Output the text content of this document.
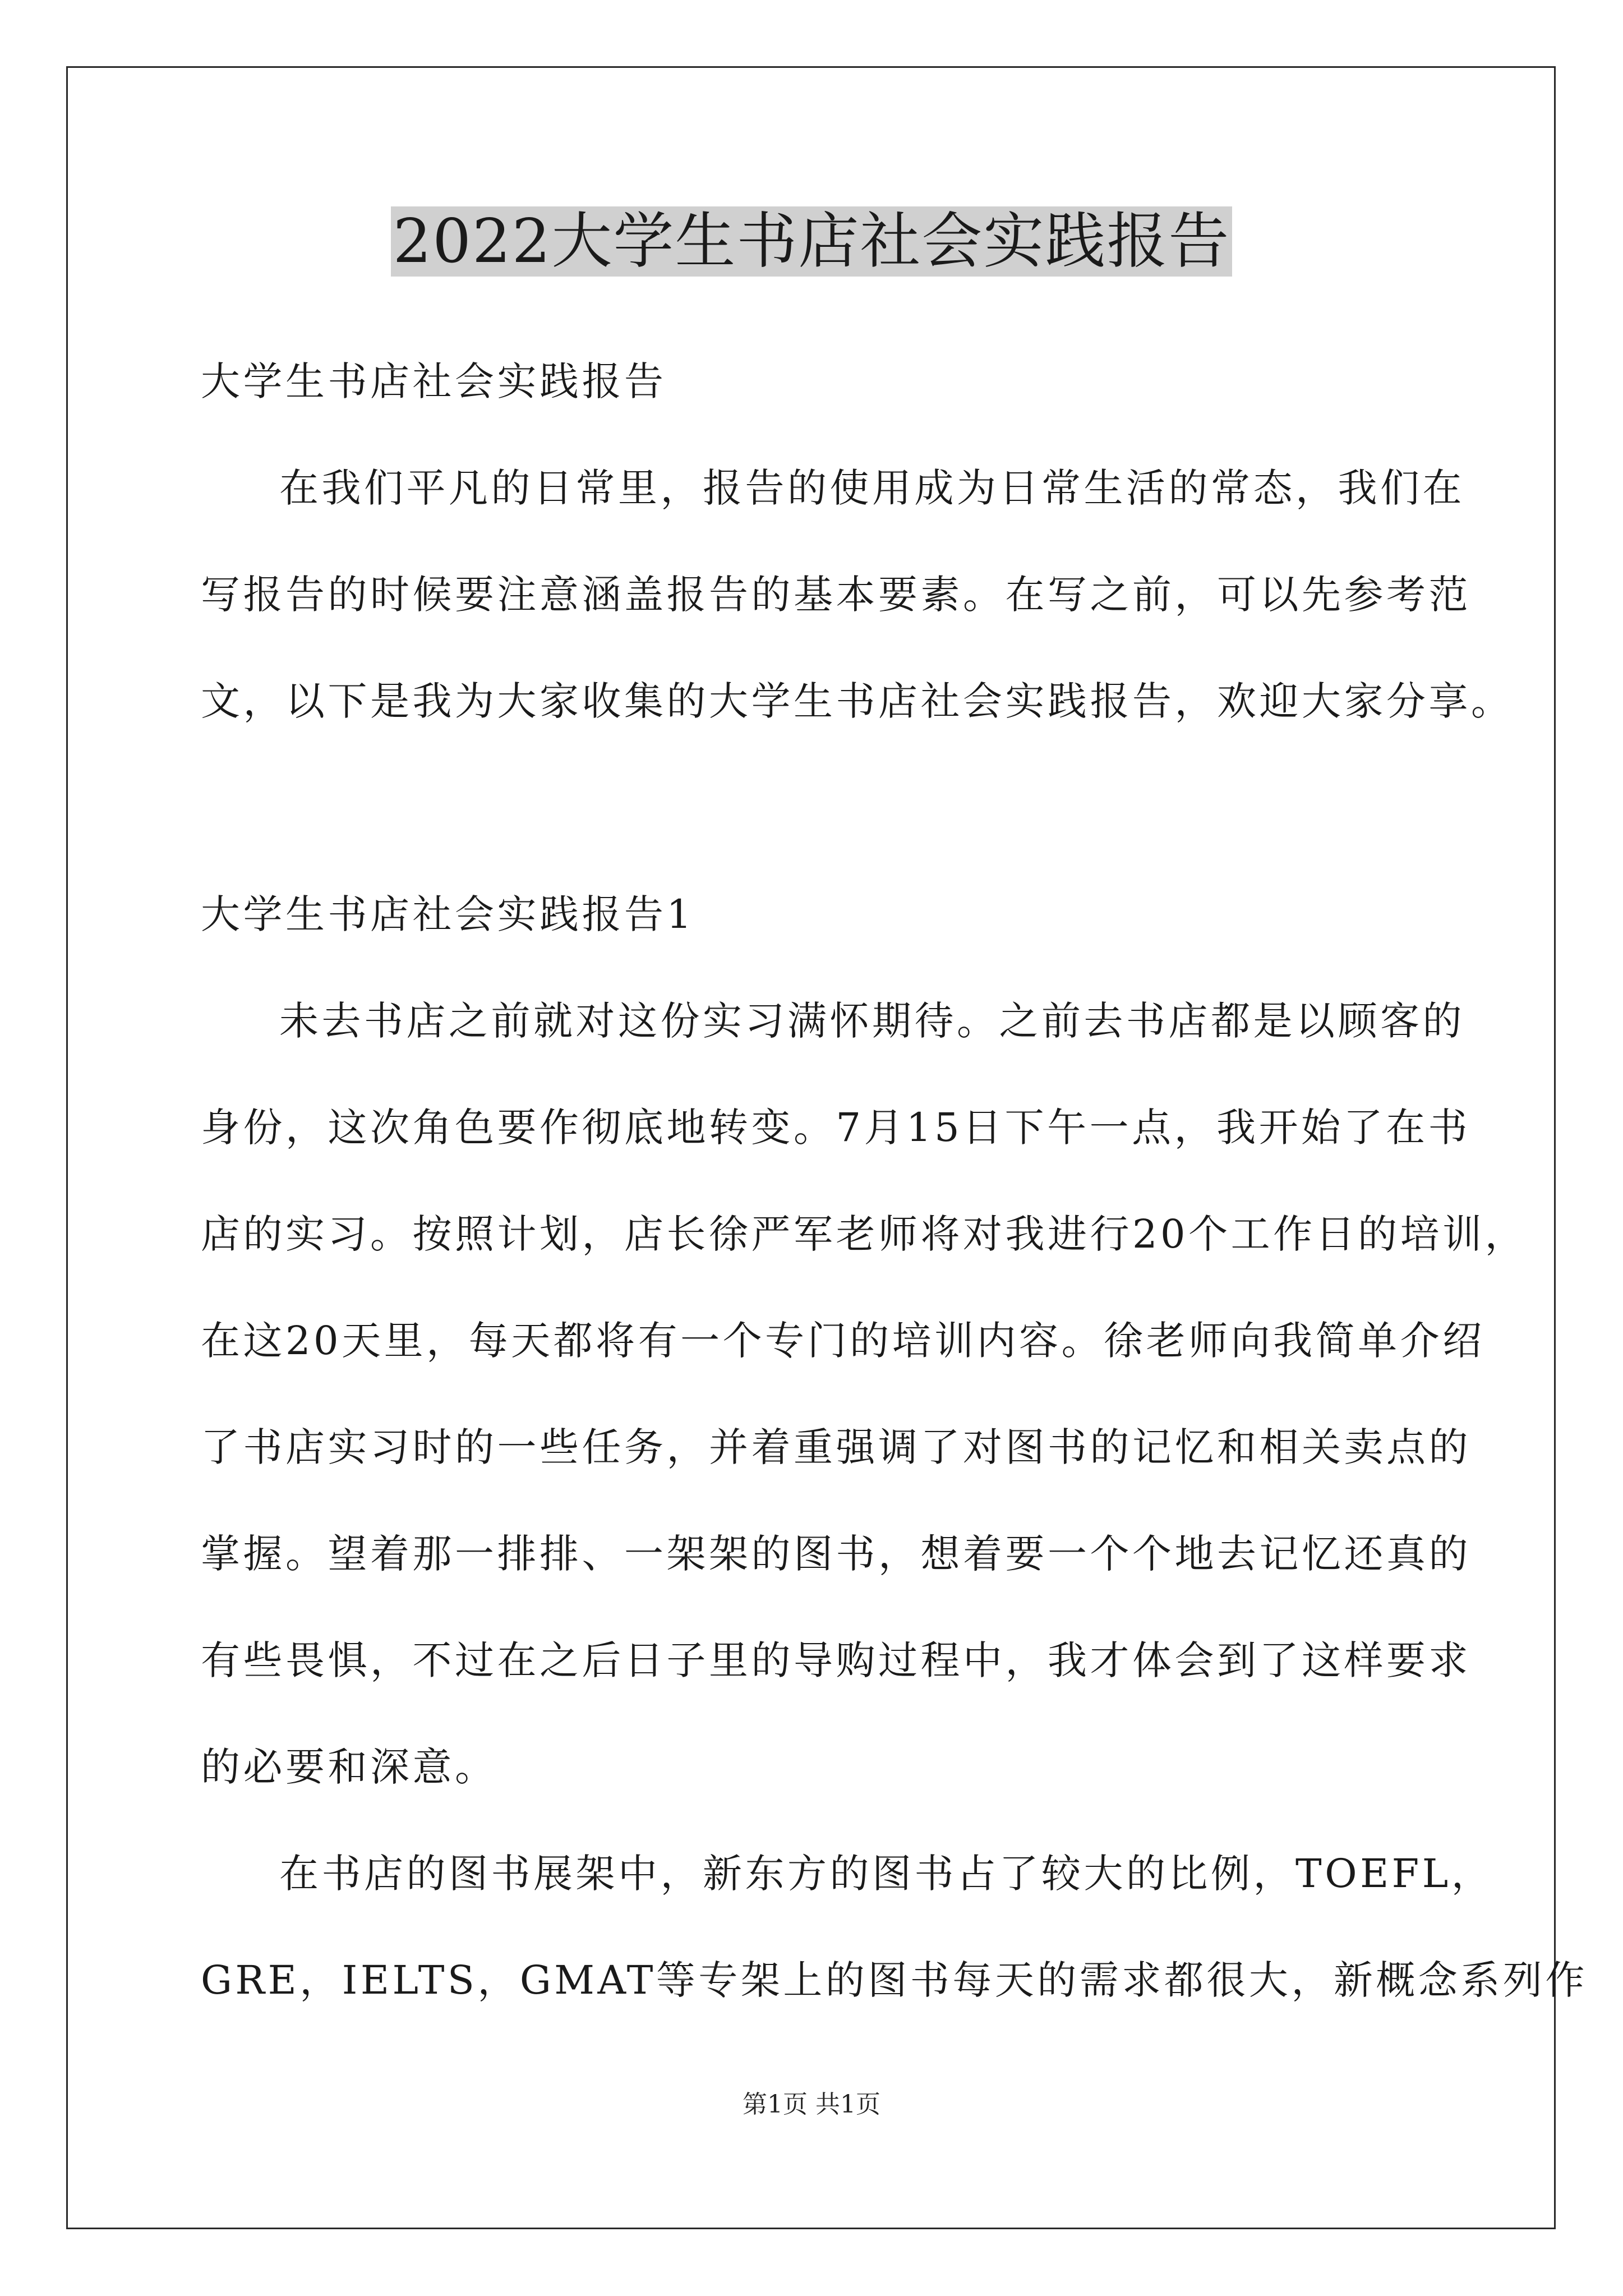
2022大学生书店社会实践报告

大学生书店社会实践报告

在我们平凡的日常里，报告的使用成为日常生活的常态，我们在

写报告的时候要注意涵盖报告的基本要素。在写之前，可以先参考范

文，以下是我为大家收集的大学生书店社会实践报告，欢迎大家分享。

大学生书店社会实践报告1

未去书店之前就对这份实习满怀期待。之前去书店都是以顾客的

身份，这次角色要作彻底地转变。7月15日下午一点，我开始了在书

店的实习。按照计划，店长徐严军老师将对我进行20个工作日的培训，

在这20天里，每天都将有一个专门的培训内容。徐老师向我简单介绍

了书店实习时的一些任务，并着重强调了对图书的记忆和相关卖点的

掌握。望着那一排排、一架架的图书，想着要一个个地去记忆还真的

有些畏惧，不过在之后日子里的导购过程中，我才体会到了这样要求

的必要和深意。

在书店的图书展架中，新东方的图书占了较大的比例，TOEFL，

GRE，IELTS，GMAT等专架上的图书每天的需求都很大，新概念系列作

第1页 共1页
